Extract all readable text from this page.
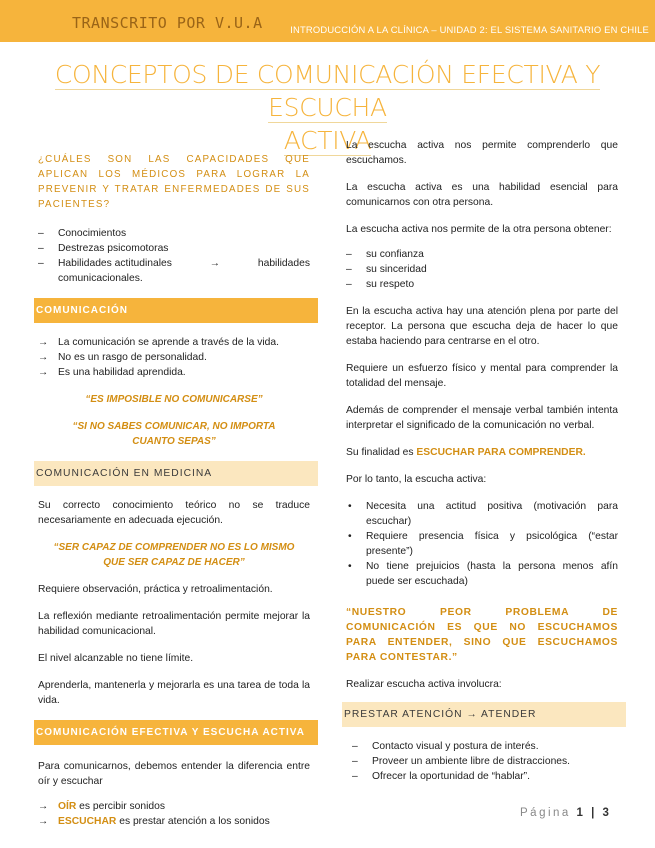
TRANSCRITO POR V.U.A	INTRODUCCIÓN A LA CLÍNICA – UNIDAD 2: EL SISTEMA SANITARIO EN CHILE
CONCEPTOS DE COMUNICACIÓN EFECTIVA Y ESCUCHA
ACTIVA

¿CUÁLES SON LAS CAPACIDADES QUE APLICAN LOS MÉDICOS PARA LOGRAR LA PREVENIR Y TRATAR ENFERMEDADES DE SUS PACIENTES?

– Conocimientos
– Destrezas psicomotoras
– Habilidades actitudinales	→	habilidades
comunicacionales.
COMUNICACIÓN
→ La comunicación se aprende a través de la vida.
→ No es un rasgo de personalidad.
→ Es una habilidad aprendida.

“ES IMPOSIBLE NO COMUNICARSE”

“SI NO SABES COMUNICAR, NO IMPORTA CUANTO SEPAS”

COMUNICACIÓN EN MEDICINA

Su correcto conocimiento teórico no se traduce necesariamente en adecuada ejecución.

“SER CAPAZ DE COMPRENDER NO ES LO MISMO QUE SER CAPAZ DE HACER”

Requiere observación, práctica y retroalimentación.

La reflexión mediante retroalimentación permite mejorar la habilidad comunicacional.

El nivel alcanzable no tiene límite.

Aprenderla, mantenerla y mejorarla es una tarea de toda la vida.

COMUNICACIÓN EFECTIVA Y ESCUCHA ACTIVA

Para comunicarnos, debemos entender la diferencia entre oír y escuchar

→ OÍR es percibir sonidos
→ ESCUCHAR es prestar atención a los sonidos

La escucha activa nos permite comprenderlo que escuchamos.

La escucha activa es una habilidad esencial para comunicarnos con otra persona.

La escucha activa nos permite de la otra persona obtener:

– su confianza
– su sinceridad
– su respeto

En la escucha activa hay una atención plena por parte del receptor. La persona que escucha deja de hacer lo que estaba haciendo para centrarse en el otro.

Requiere un esfuerzo físico y mental para comprender la totalidad del mensaje.

Además de comprender el mensaje verbal también intenta interpretar el significado de la comunicación no verbal.

Su finalidad es ESCUCHAR PARA COMPRENDER.

Por lo tanto, la escucha activa:

• Necesita una actitud positiva (motivación para escuchar)
• Requiere presencia física y psicológica (“estar presente”)
• No tiene prejuicios (hasta la persona menos afín puede ser escuchada)

“NUESTRO PEOR PROBLEMA DE COMUNICACIÓN ES QUE NO ESCUCHAMOS PARA ENTENDER, SINO QUE ESCUCHAMOS PARA CONTESTAR.”

Realizar escucha activa involucra:

PRESTAR ATENCIÓN → ATENDER
– Contacto visual y postura de interés.
– Proveer un ambiente libre de distracciones.
– Ofrecer la oportunidad de “hablar”.
Página 1 | 3
